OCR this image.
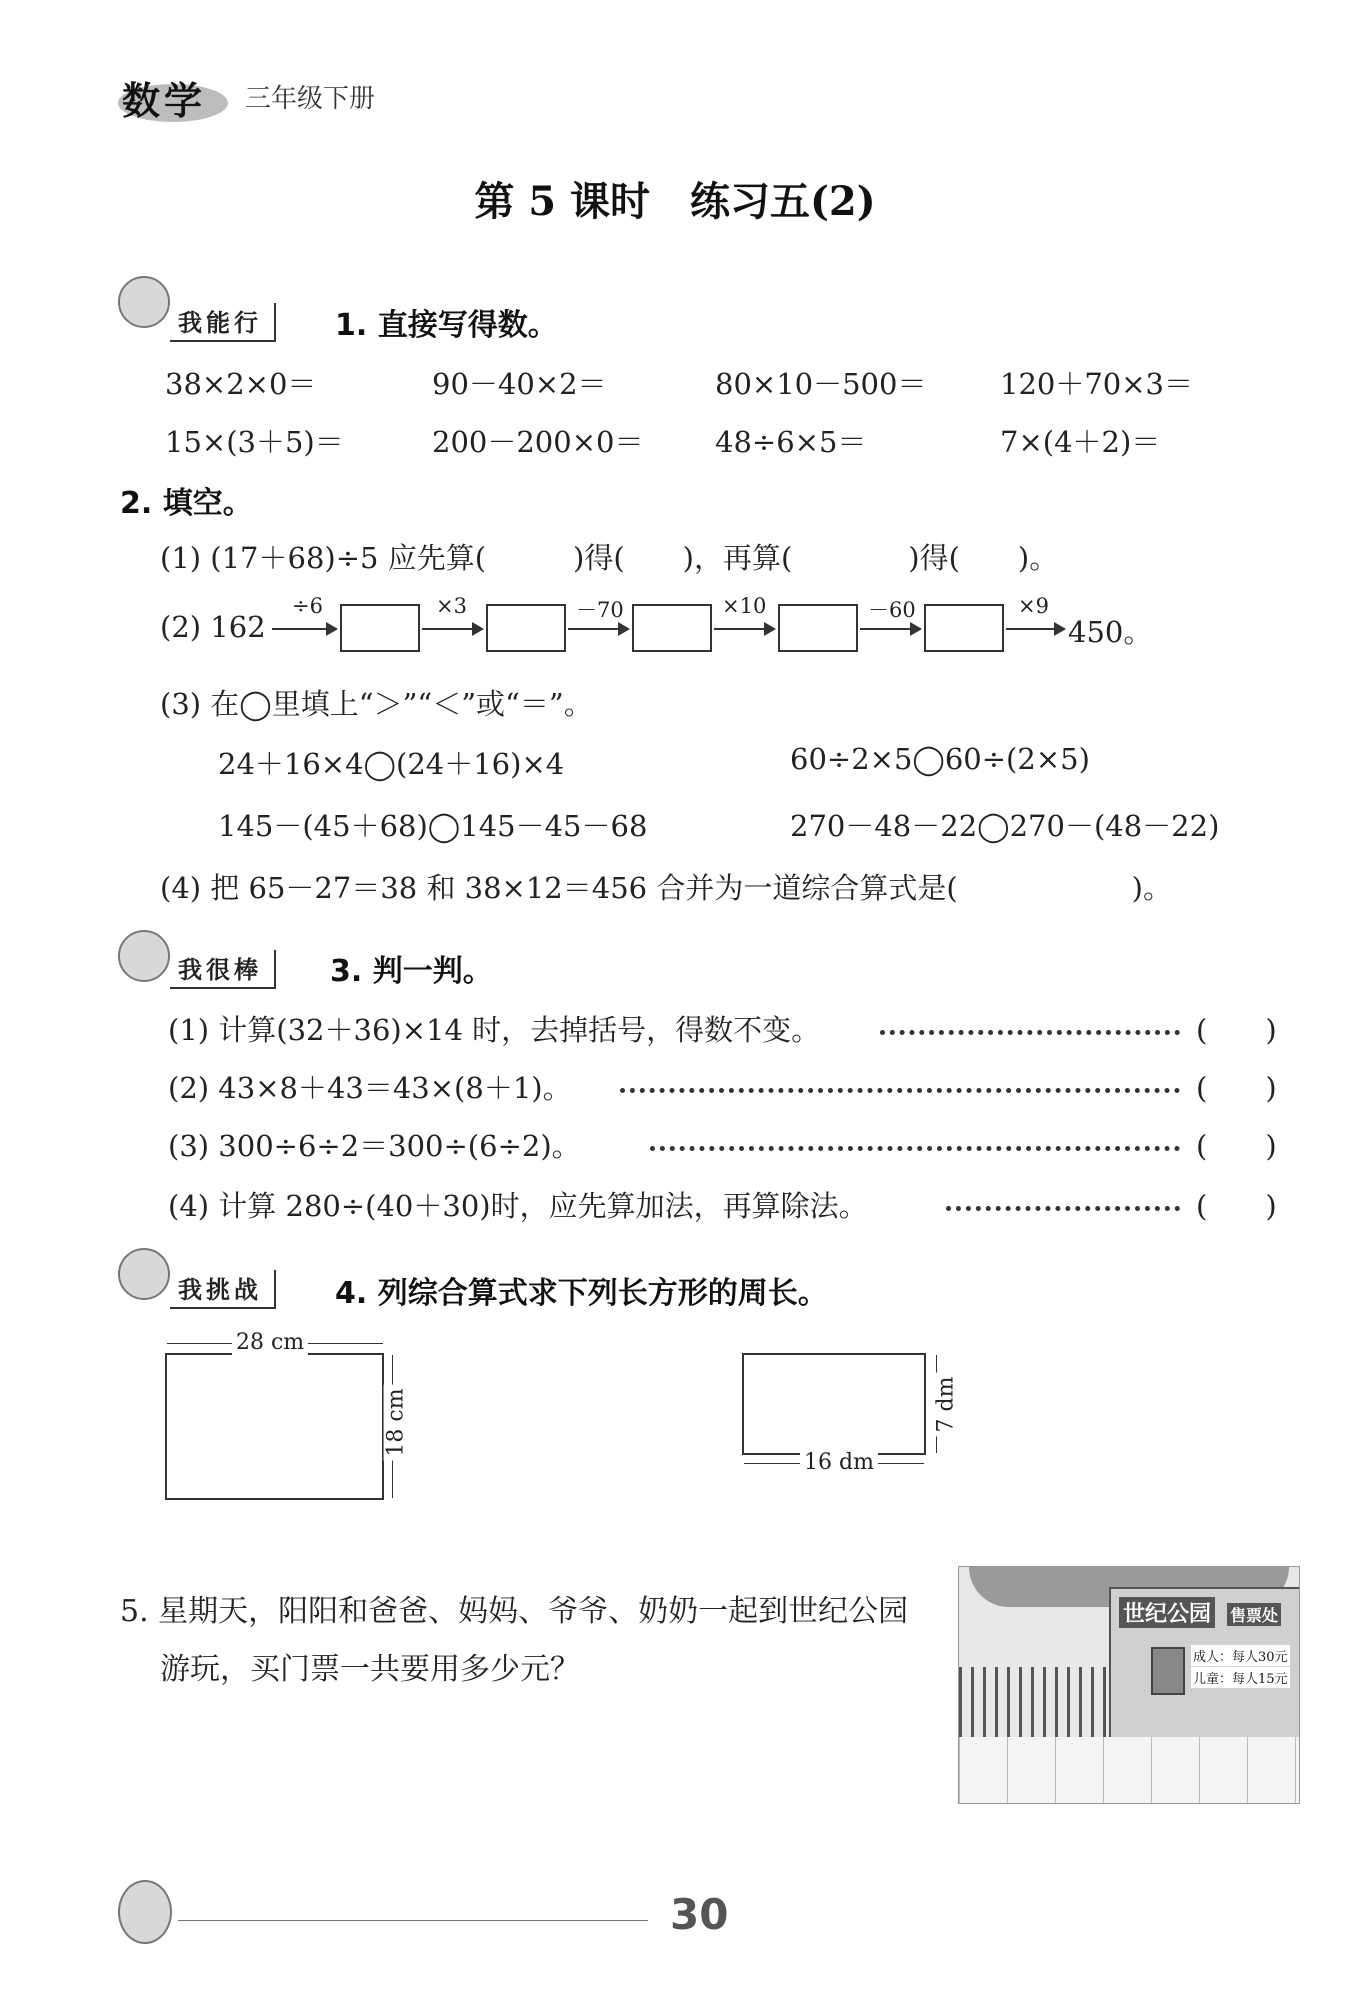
数学 三年级下册
第 5 课时　练习五(2)
我能行	1. 直接写得数。
38×2×0＝	90－40×2＝	80×10－500＝	120＋70×3＝
15×(3＋5)＝	200－200×0＝ 48÷6×5＝	7×(4＋2)＝
2. 填空。
(1) (17＋68)÷5 应先算(　　　)得(　　)，再算(　　　　)得(　　)。
(2) 162
÷6	×3	－70	×10	－60	×9
450。
(3) 在◯里填上“＞”“＜”或“＝”。
24＋16×4◯(24＋16)×4	60÷2×5◯60÷(2×5)
145－(45＋68)◯145－45－68	270－48－22◯270－(48－22)
(4) 把 65－27＝38 和 38×12＝456 合并为一道综合算式是(　　　　　　)。
我很棒	3. 判一判。
(1) 计算(32＋36)×14 时，去掉括号，得数不变。	(　　)
(2) 43×8＋43＝43×(8＋1)。	(　　)
(3) 300÷6÷2＝300÷(6÷2)。	(　　)
(4) 计算 280÷(40＋30)时，应先算加法，再算除法。	(　　)
我挑战	4. 列综合算式求下列长方形的周长。
28 cm
18 cm
16 dm
7 dm
5. 星期天，阳阳和爸爸、妈妈、爷爷、奶奶一起到世纪公园
游玩，买门票一共要用多少元？
世纪公园 售票处
成人：每人30元
儿童：每人15元
30
